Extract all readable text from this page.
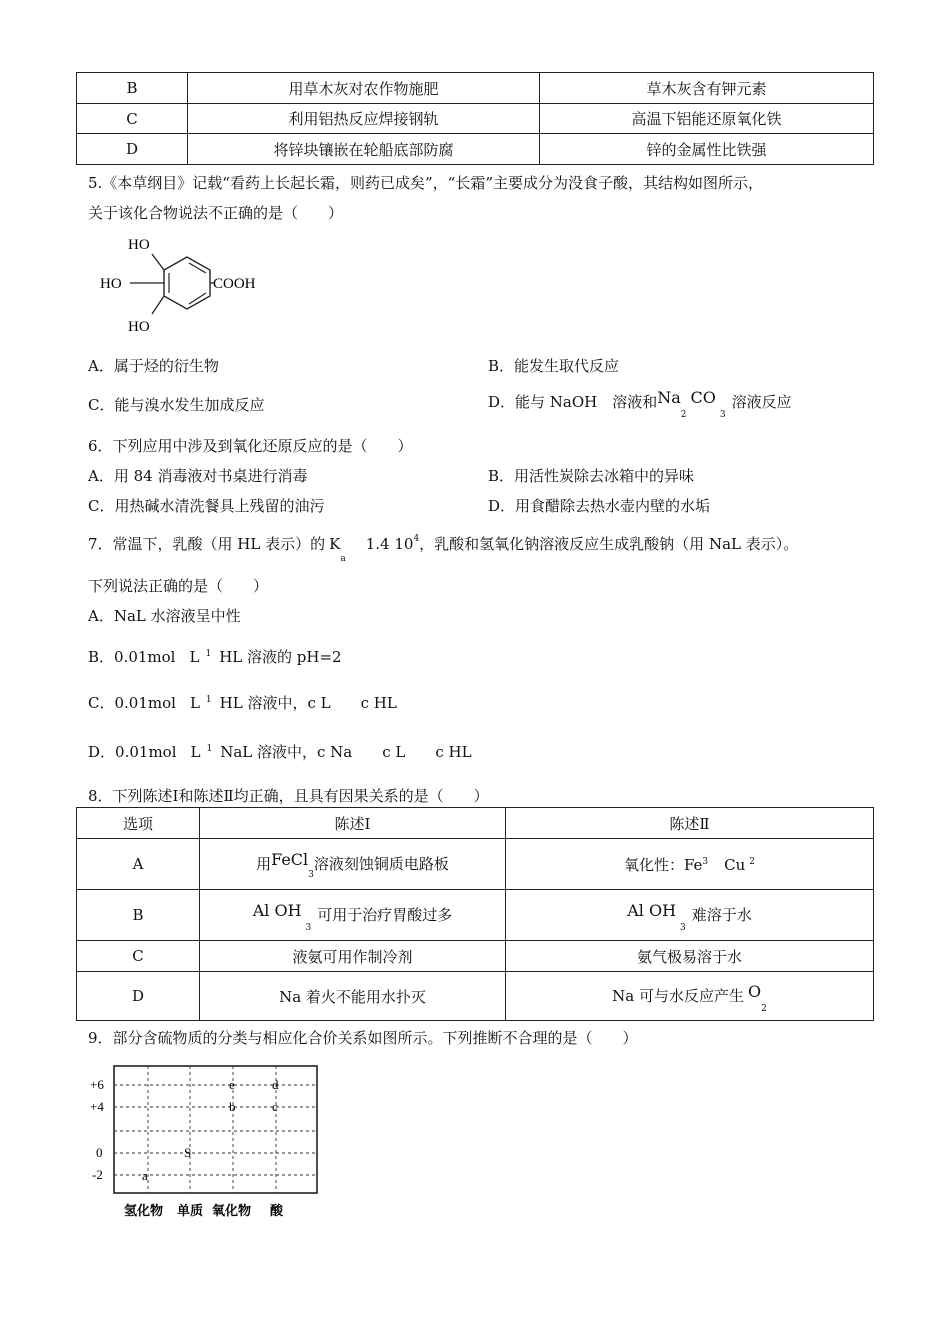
B	用草木灰对农作物施肥	草木灰含有钾元素
C	利用铝热反应焊接钢轨	高温下铝能还原氧化铁
D	将锌块镶嵌在轮船底部防腐	锌的金属性比铁强
5.《本草纲目》记载“看药上长起长霜，则药已成矣”，“长霜”主要成分为没食子酸，其结构如图所示，
关于该化合物说法不正确的是（　　）
HO
HO
HO
COOH
A．属于烃的衍生物	B．能发生取代反应
C．能与溴水发生加成反应	D．能与 NaOH　溶液和$Na_2CO_3$溶液反应
6．下列应用中涉及到氧化还原反应的是（　　）
A．用 84 消毒液对书桌进行消毒	B．用活性炭除去冰箱中的异味
C．用热碱水清洗餐具上残留的油污	D．用食醋除去热水壶内壁的水垢
7．常温下，乳酸（用 HL 表示）的 $K_a1.4$ $10^4$，乳酸和氢氧化钠溶液反应生成乳酸钠（用 NaL 表示）。
下列说法正确的是（　　）
A．NaL 水溶液呈中性
B．0.01mol L $^1$ HL 溶液的 pH=2
C．0.01mol L $^1$ HL 溶液中，c L　　c HL
D．0.01mol L $^1$ NaL 溶液中，c Na　　c L　　c HL
8．下列陈述Ⅰ和陈述Ⅱ均正确，且具有因果关系的是（　　）
选项	陈述Ⅰ	陈述Ⅱ
A	用FeCl$_3$溶液刻蚀铜质电路板	氧化性：Fe$^3$ Cu $^2$
B	Al $OH_3$可用于治疗胃酸过多	Al $OH_3$难溶于水
C	液氨可用作制冷剂	氨气极易溶于水
D	Na 着火不能用水扑灭	Na 可与水反应产生 $O_2$
9．部分含硫物质的分类与相应化合价关系如图所示。下列推断不合理的是（　　）
+6
+4
0
-2
e	d
b	c
S
a
氢化物 单质 氧化物 酸
